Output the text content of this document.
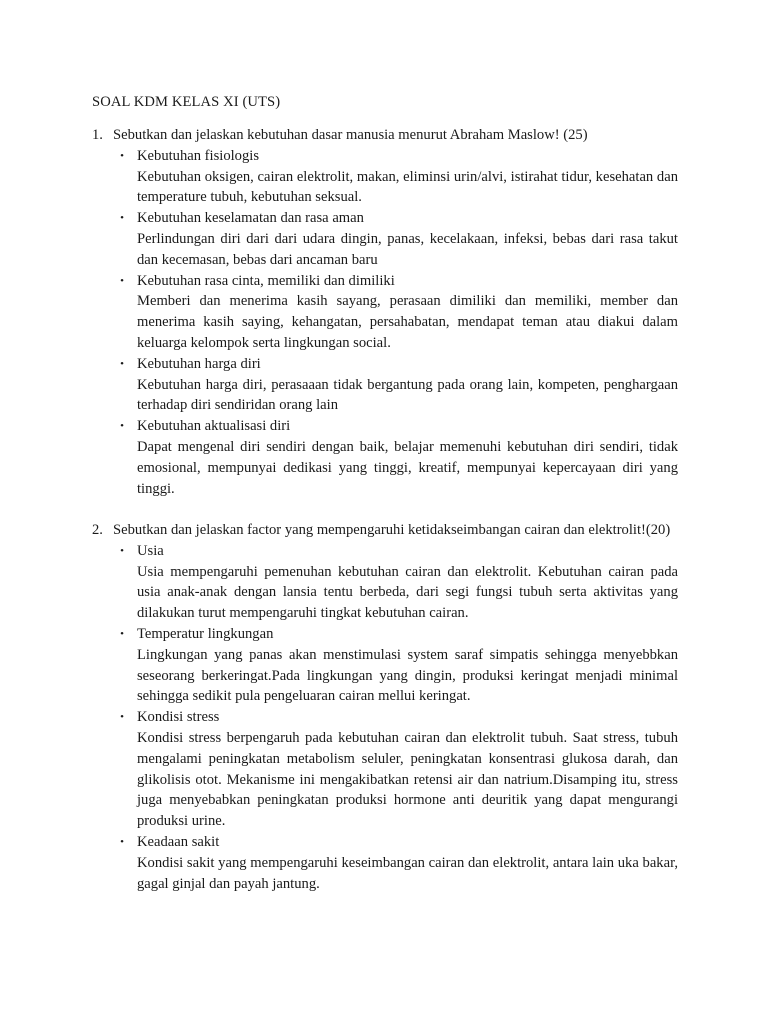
SOAL KDM KELAS XI (UTS)
1. Sebutkan dan jelaskan kebutuhan dasar manusia menurut Abraham Maslow! (25)
• Kebutuhan fisiologis
Kebutuhan oksigen, cairan elektrolit, makan, eliminsi urin/alvi, istirahat tidur, kesehatan dan temperature tubuh, kebutuhan seksual.
• Kebutuhan keselamatan dan rasa aman
Perlindungan diri dari dari udara dingin, panas, kecelakaan, infeksi, bebas dari rasa takut dan kecemasan, bebas dari ancaman baru
• Kebutuhan rasa cinta, memiliki dan dimiliki
Memberi dan menerima kasih sayang, perasaan dimiliki dan memiliki, member dan menerima kasih saying, kehangatan, persahabatan, mendapat teman atau diakui dalam keluarga kelompok serta lingkungan social.
• Kebutuhan harga diri
Kebutuhan harga diri, perasaaan tidak bergantung pada orang lain, kompeten, penghargaan terhadap diri sendiridan orang lain
• Kebutuhan aktualisasi diri
Dapat mengenal diri sendiri dengan baik, belajar memenuhi kebutuhan diri sendiri, tidak emosional, mempunyai dedikasi yang tinggi, kreatif, mempunyai kepercayaan diri yang tinggi.
2. Sebutkan dan jelaskan factor yang mempengaruhi ketidakseimbangan cairan dan elektrolit!(20)
• Usia
Usia mempengaruhi pemenuhan kebutuhan cairan dan elektrolit. Kebutuhan cairan pada usia anak-anak dengan lansia tentu berbeda, dari segi fungsi tubuh serta aktivitas yang dilakukan turut mempengaruhi tingkat kebutuhan cairan.
• Temperatur lingkungan
Lingkungan yang panas akan menstimulasi system saraf simpatis sehingga menyebbkan seseorang berkeringat.Pada lingkungan yang dingin, produksi keringat menjadi minimal sehingga sedikit pula pengeluaran cairan mellui keringat.
• Kondisi stress
Kondisi stress berpengaruh pada kebutuhan cairan dan elektrolit tubuh. Saat stress, tubuh mengalami peningkatan metabolism seluler, peningkatan konsentrasi glukosa darah, dan glikolisis otot. Mekanisme ini mengakibatkan retensi air dan natrium.Disamping itu, stress juga menyebabkan peningkatan produksi hormone anti deuritik yang dapat mengurangi produksi urine.
• Keadaan sakit
Kondisi sakit yang mempengaruhi keseimbangan cairan dan elektrolit, antara lain uka bakar, gagal ginjal dan payah jantung.
